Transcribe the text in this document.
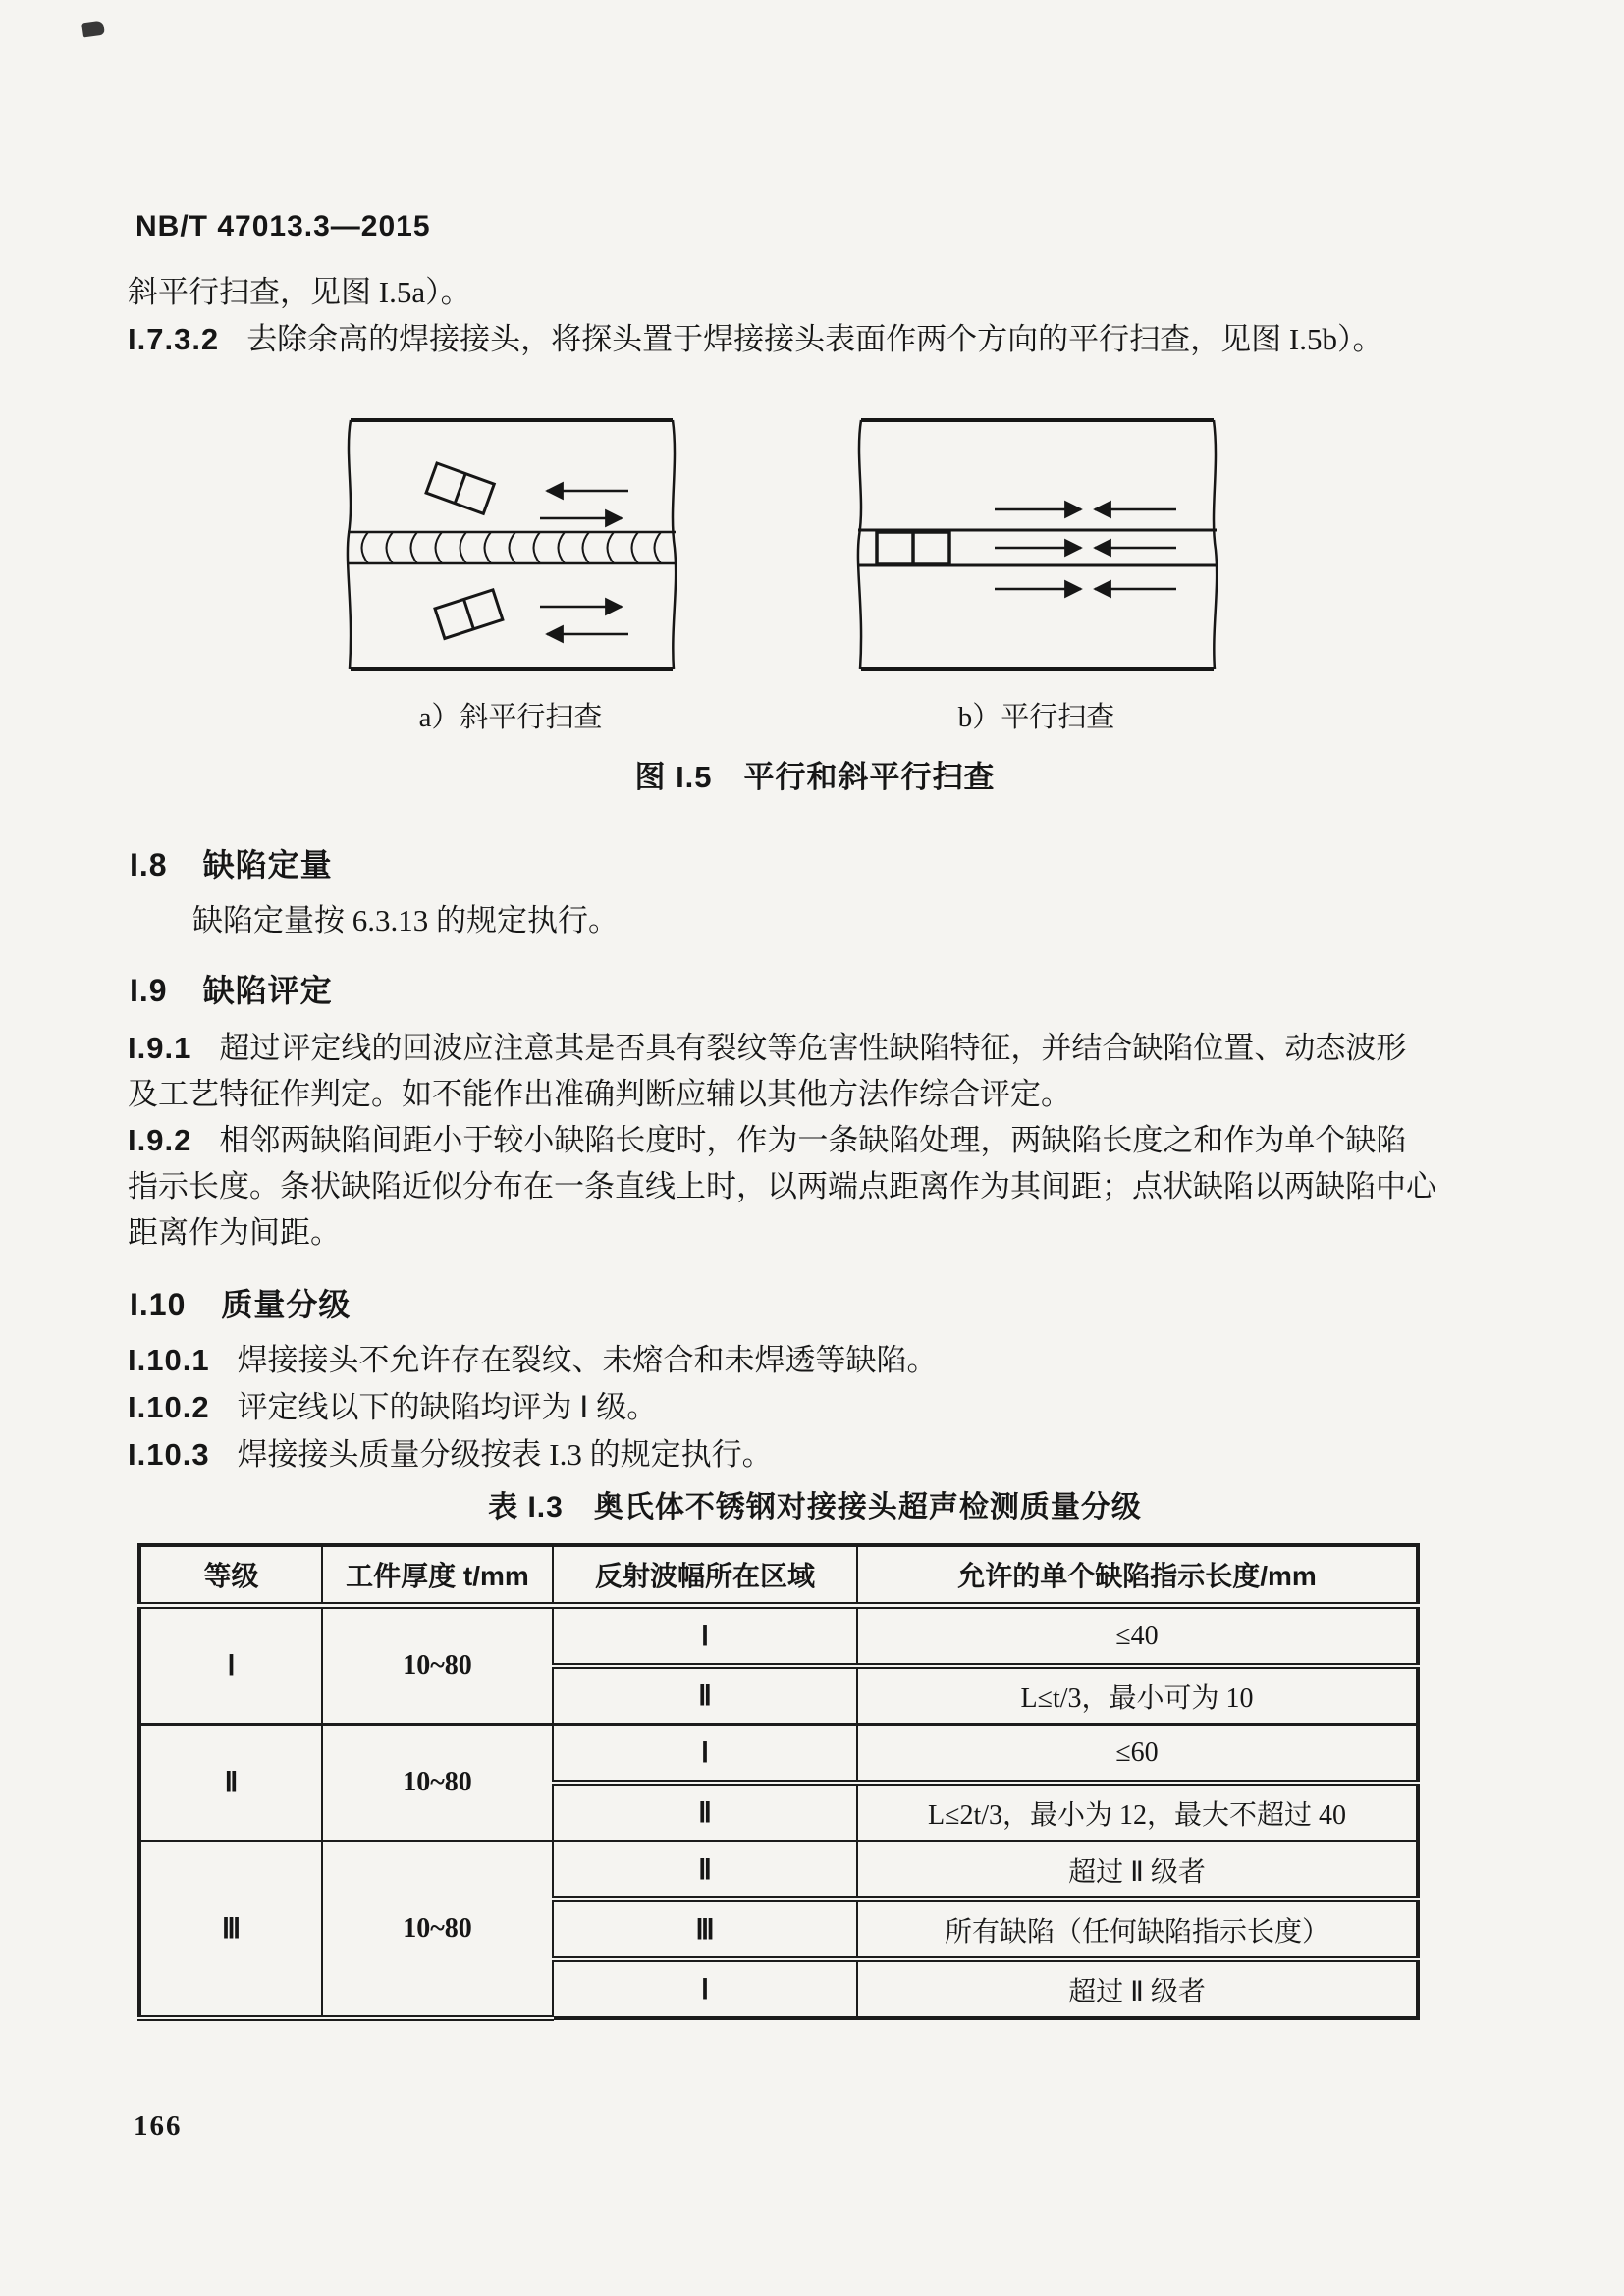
NB/T 47013.3—2015
斜平行扫查，见图 I.5a）。
I.7.3.2 去除余高的焊接接头，将探头置于焊接接头表面作两个方向的平行扫查，见图 I.5b）。
a）斜平行扫查	b）平行扫查
图 I.5　平行和斜平行扫查
I.8 缺陷定量
缺陷定量按 6.3.13 的规定执行。
I.9 缺陷评定
I.9.1 超过评定线的回波应注意其是否具有裂纹等危害性缺陷特征，并结合缺陷位置、动态波形
及工艺特征作判定。如不能作出准确判断应辅以其他方法作综合评定。
I.9.2 相邻两缺陷间距小于较小缺陷长度时，作为一条缺陷处理，两缺陷长度之和作为单个缺陷
指示长度。条状缺陷近似分布在一条直线上时，以两端点距离作为其间距；点状缺陷以两缺陷中心
距离作为间距。
I.10 质量分级
I.10.1 焊接接头不允许存在裂纹、未熔合和未焊透等缺陷。
I.10.2 评定线以下的缺陷均评为 Ⅰ 级。
I.10.3 焊接接头质量分级按表 I.3 的规定执行。
表 I.3　奥氏体不锈钢对接接头超声检测质量分级
等级	工件厚度 t/mm	反射波幅所在区域	允许的单个缺陷指示长度/mm
Ⅰ	10~80	Ⅰ	≤40
		Ⅱ	L≤t/3，最小可为 10
Ⅱ	10~80	Ⅰ	≤60
		Ⅱ	L≤2t/3，最小为 12，最大不超过 40
Ⅲ	10~80	Ⅱ	超过 Ⅱ 级者
		Ⅲ	所有缺陷（任何缺陷指示长度）
		Ⅰ	超过 Ⅱ 级者
166
